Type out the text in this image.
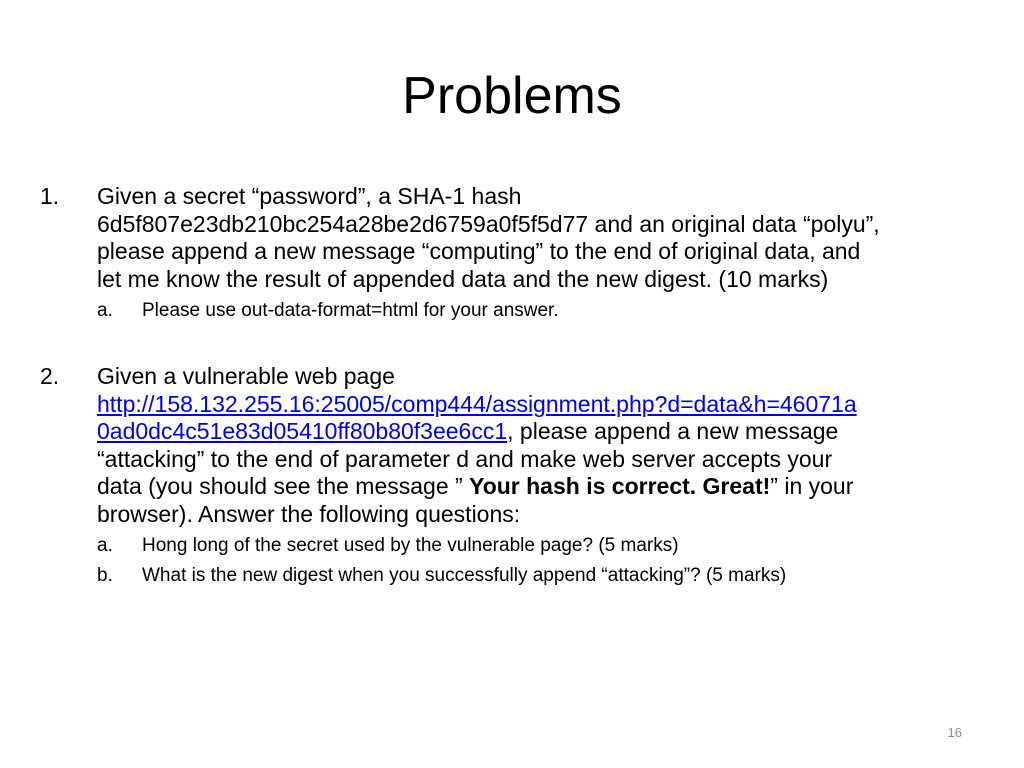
Problems
1. Given a secret “password”, a SHA-1 hash
6d5f807e23db210bc254a28be2d6759a0f5f5d77 and an original data “polyu”,
please append a new message “computing” to the end of original data, and
let me know the result of appended data and the new digest. (10 marks)
a. Please use out-data-format=html for your answer.
2. Given a vulnerable web page
http://158.132.255.16:25005/comp444/assignment.php?d=data&h=46071a
0ad0dc4c51e83d05410ff80b80f3ee6cc1, please append a new message
“attacking” to the end of parameter d and make web server accepts your
data (you should see the message ” Your hash is correct. Great!” in your
browser). Answer the following questions:
a. Hong long of the secret used by the vulnerable page? (5 marks)
b. What is the new digest when you successfully append “attacking”? (5 marks)
16
